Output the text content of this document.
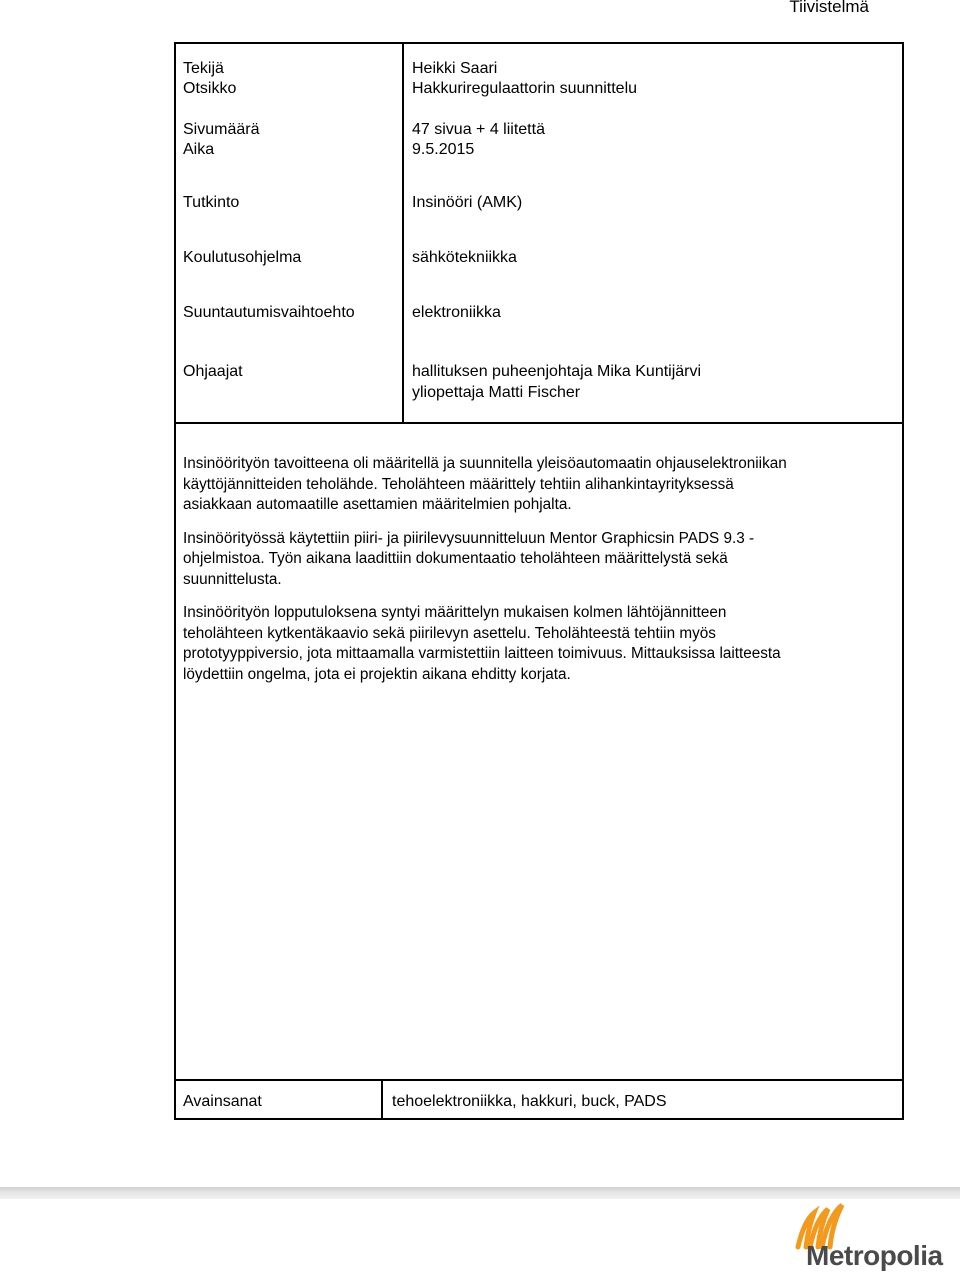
Tiivistelmä
Tekijä
Otsikko
Sivumäärä
Aika
Tutkinto
Koulutusohjelma
Suuntautumisvaihtoehto
Ohjaajat
Heikki Saari
Hakkuriregulaattorin suunnittelu
47 sivua + 4 liitettä
9.5.2015
Insinööri (AMK)
sähkötekniikka
elektroniikka
hallituksen puheenjohtaja Mika Kuntijärvi
yliopettaja Matti Fischer

Insinöörityön tavoitteena oli määritellä ja suunnitella yleisöautomaatin ohjauselektroniikan
käyttöjännitteiden teholähde. Teholähteen määrittely tehtiin alihankintayrityksessä
asiakkaan automaatille asettamien määritelmien pohjalta.

Insinöörityössä käytettiin piiri- ja piirilevysuunnitteluun Mentor Graphicsin PADS 9.3 -
ohjelmistoa. Työn aikana laadittiin dokumentaatio teholähteen määrittelystä sekä
suunnittelusta.

Insinöörityön lopputuloksena syntyi määrittelyn mukaisen kolmen lähtöjännitteen
teholähteen kytkentäkaavio sekä piirilevyn asettelu. Teholähteestä tehtiin myös
prototyyppiversio, jota mittaamalla varmistettiin laitteen toimivuus. Mittauksissa laitteesta
löydettiin ongelma, jota ei projektin aikana ehditty korjata.

Avainsanat	tehoelektroniikka, hakkuri, buck, PADS
Metropolia
